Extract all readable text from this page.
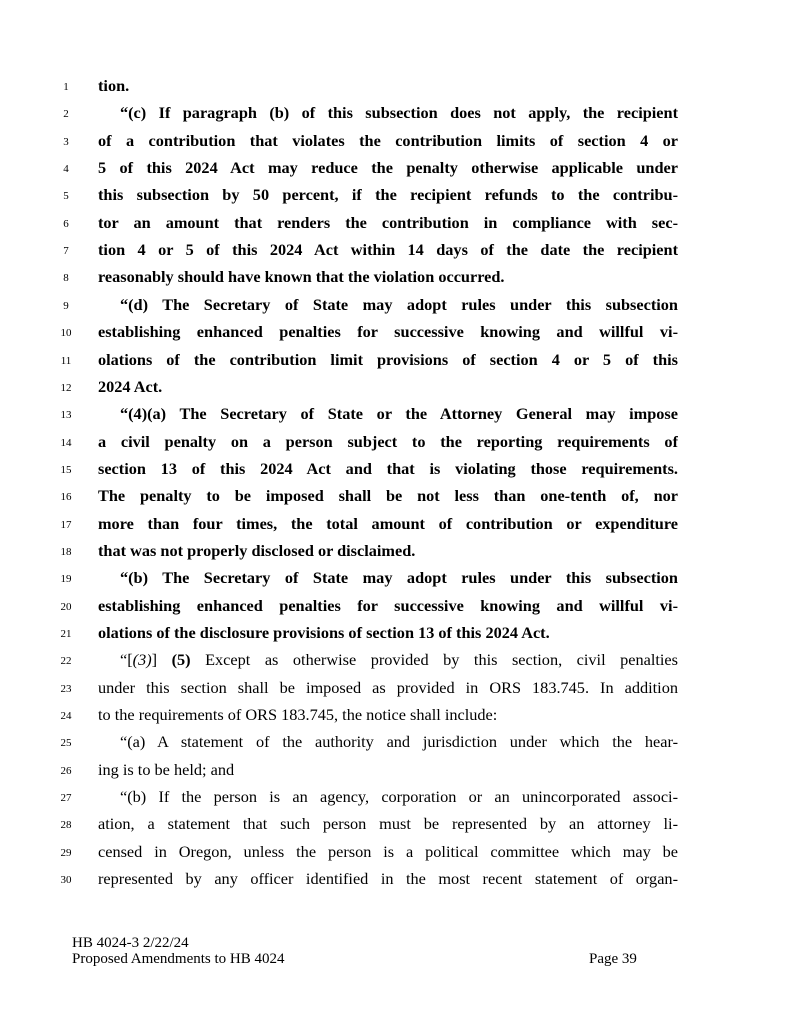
1	tion.
2	“(c) If paragraph (b) of this subsection does not apply, the recipient
3	of a contribution that violates the contribution limits of section 4 or
4	5 of this 2024 Act may reduce the penalty otherwise applicable under
5	this subsection by 50 percent, if the recipient refunds to the contribu-
6	tor an amount that renders the contribution in compliance with sec-
7	tion 4 or 5 of this 2024 Act within 14 days of the date the recipient
8	reasonably should have known that the violation occurred.
9	“(d) The Secretary of State may adopt rules under this subsection
10	establishing enhanced penalties for successive knowing and willful vi-
11	olations of the contribution limit provisions of section 4 or 5 of this
12	2024 Act.
13	“(4)(a) The Secretary of State or the Attorney General may impose
14	a civil penalty on a person subject to the reporting requirements of
15	section 13 of this 2024 Act and that is violating those requirements.
16	The penalty to be imposed shall be not less than one-tenth of, nor
17	more than four times, the total amount of contribution or expenditure
18	that was not properly disclosed or disclaimed.
19	“(b) The Secretary of State may adopt rules under this subsection
20	establishing enhanced penalties for successive knowing and willful vi-
21	olations of the disclosure provisions of section 13 of this 2024 Act.
22	“[(3)] (5) Except as otherwise provided by this section, civil penalties
23	under this section shall be imposed as provided in ORS 183.745. In addition
24	to the requirements of ORS 183.745, the notice shall include:
25	“(a) A statement of the authority and jurisdiction under which the hear-
26	ing is to be held; and
27	“(b) If the person is an agency, corporation or an unincorporated associ-
28	ation, a statement that such person must be represented by an attorney li-
29	censed in Oregon, unless the person is a political committee which may be
30	represented by any officer identified in the most recent statement of organ-
HB 4024-3 2/22/24
Proposed Amendments to HB 4024	Page 39
